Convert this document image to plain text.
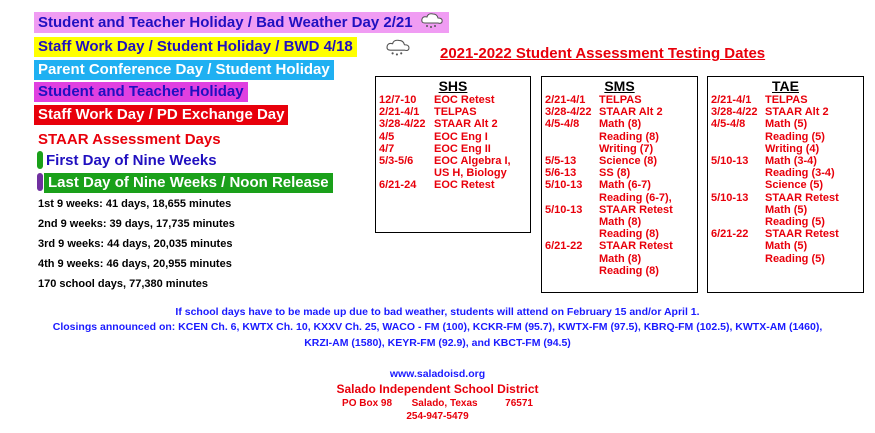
Student and Teacher Holiday / Bad Weather Day 2/21
Staff Work Day / Student Holiday / BWD 4/18
Parent Conference Day / Student Holiday
Student and Teacher Holiday
Staff Work Day / PD Exchange Day
STAAR Assessment Days
First Day of Nine Weeks
Last Day of Nine Weeks / Noon Release
1st 9 weeks: 41 days, 18,655 minutes
2nd 9 weeks: 39 days, 17,735 minutes
3rd 9 weeks: 44 days, 20,035 minutes
4th 9 weeks: 46 days, 20,955 minutes
170 school days, 77,380 minutes
2021-2022 Student Assessment Testing Dates
SHS
12/7-10	EOC Retest
2/21-4/1	TELPAS
3/28-4/22 STAAR Alt 2
4/5	EOC Eng I
4/7	EOC Eng II
5/3-5/6	EOC Algebra I,
US H, Biology
6/21-24	EOC Retest
SMS
2/21-4/1	TELPAS
3/28-4/22 STAAR Alt 2
4/5-4/8	Math (8)
Reading (8)
Writing (7)
5/5-13	Science (8)
5/6-13	SS (8)
5/10-13	Math (6-7)
Reading (6-7),
5/10-13	STAAR Retest
Math (8)
Reading (8)
6/21-22	STAAR Retest
Math (8)
Reading (8)
TAE
2/21-4/1	TELPAS
3/28-4/22 STAAR Alt 2
4/5-4/8	Math (5)
Reading (5)
Writing (4)
5/10-13	Math (3-4)
Reading (3-4)
Science (5)
5/10-13	STAAR Retest
Math (5)
Reading (5)
6/21-22	STAAR Retest
Math (5)
Reading (5)
If school days have to be made up due to bad weather, students will attend on February 15 and/or April 1.
Closings announced on: KCEN Ch. 6, KWTX Ch. 10, KXXV Ch. 25, WACO - FM (100), KCKR-FM (95.7), KWTX-FM (97.5), KBRQ-FM (102.5), KWTX-AM (1460),
KRZI-AM (1580), KEYR-FM (92.9), and KBCT-FM (94.5)
www.saladoisd.org
Salado Independent School District
PO Box 98 Salado, Texas	76571
254-947-5479
